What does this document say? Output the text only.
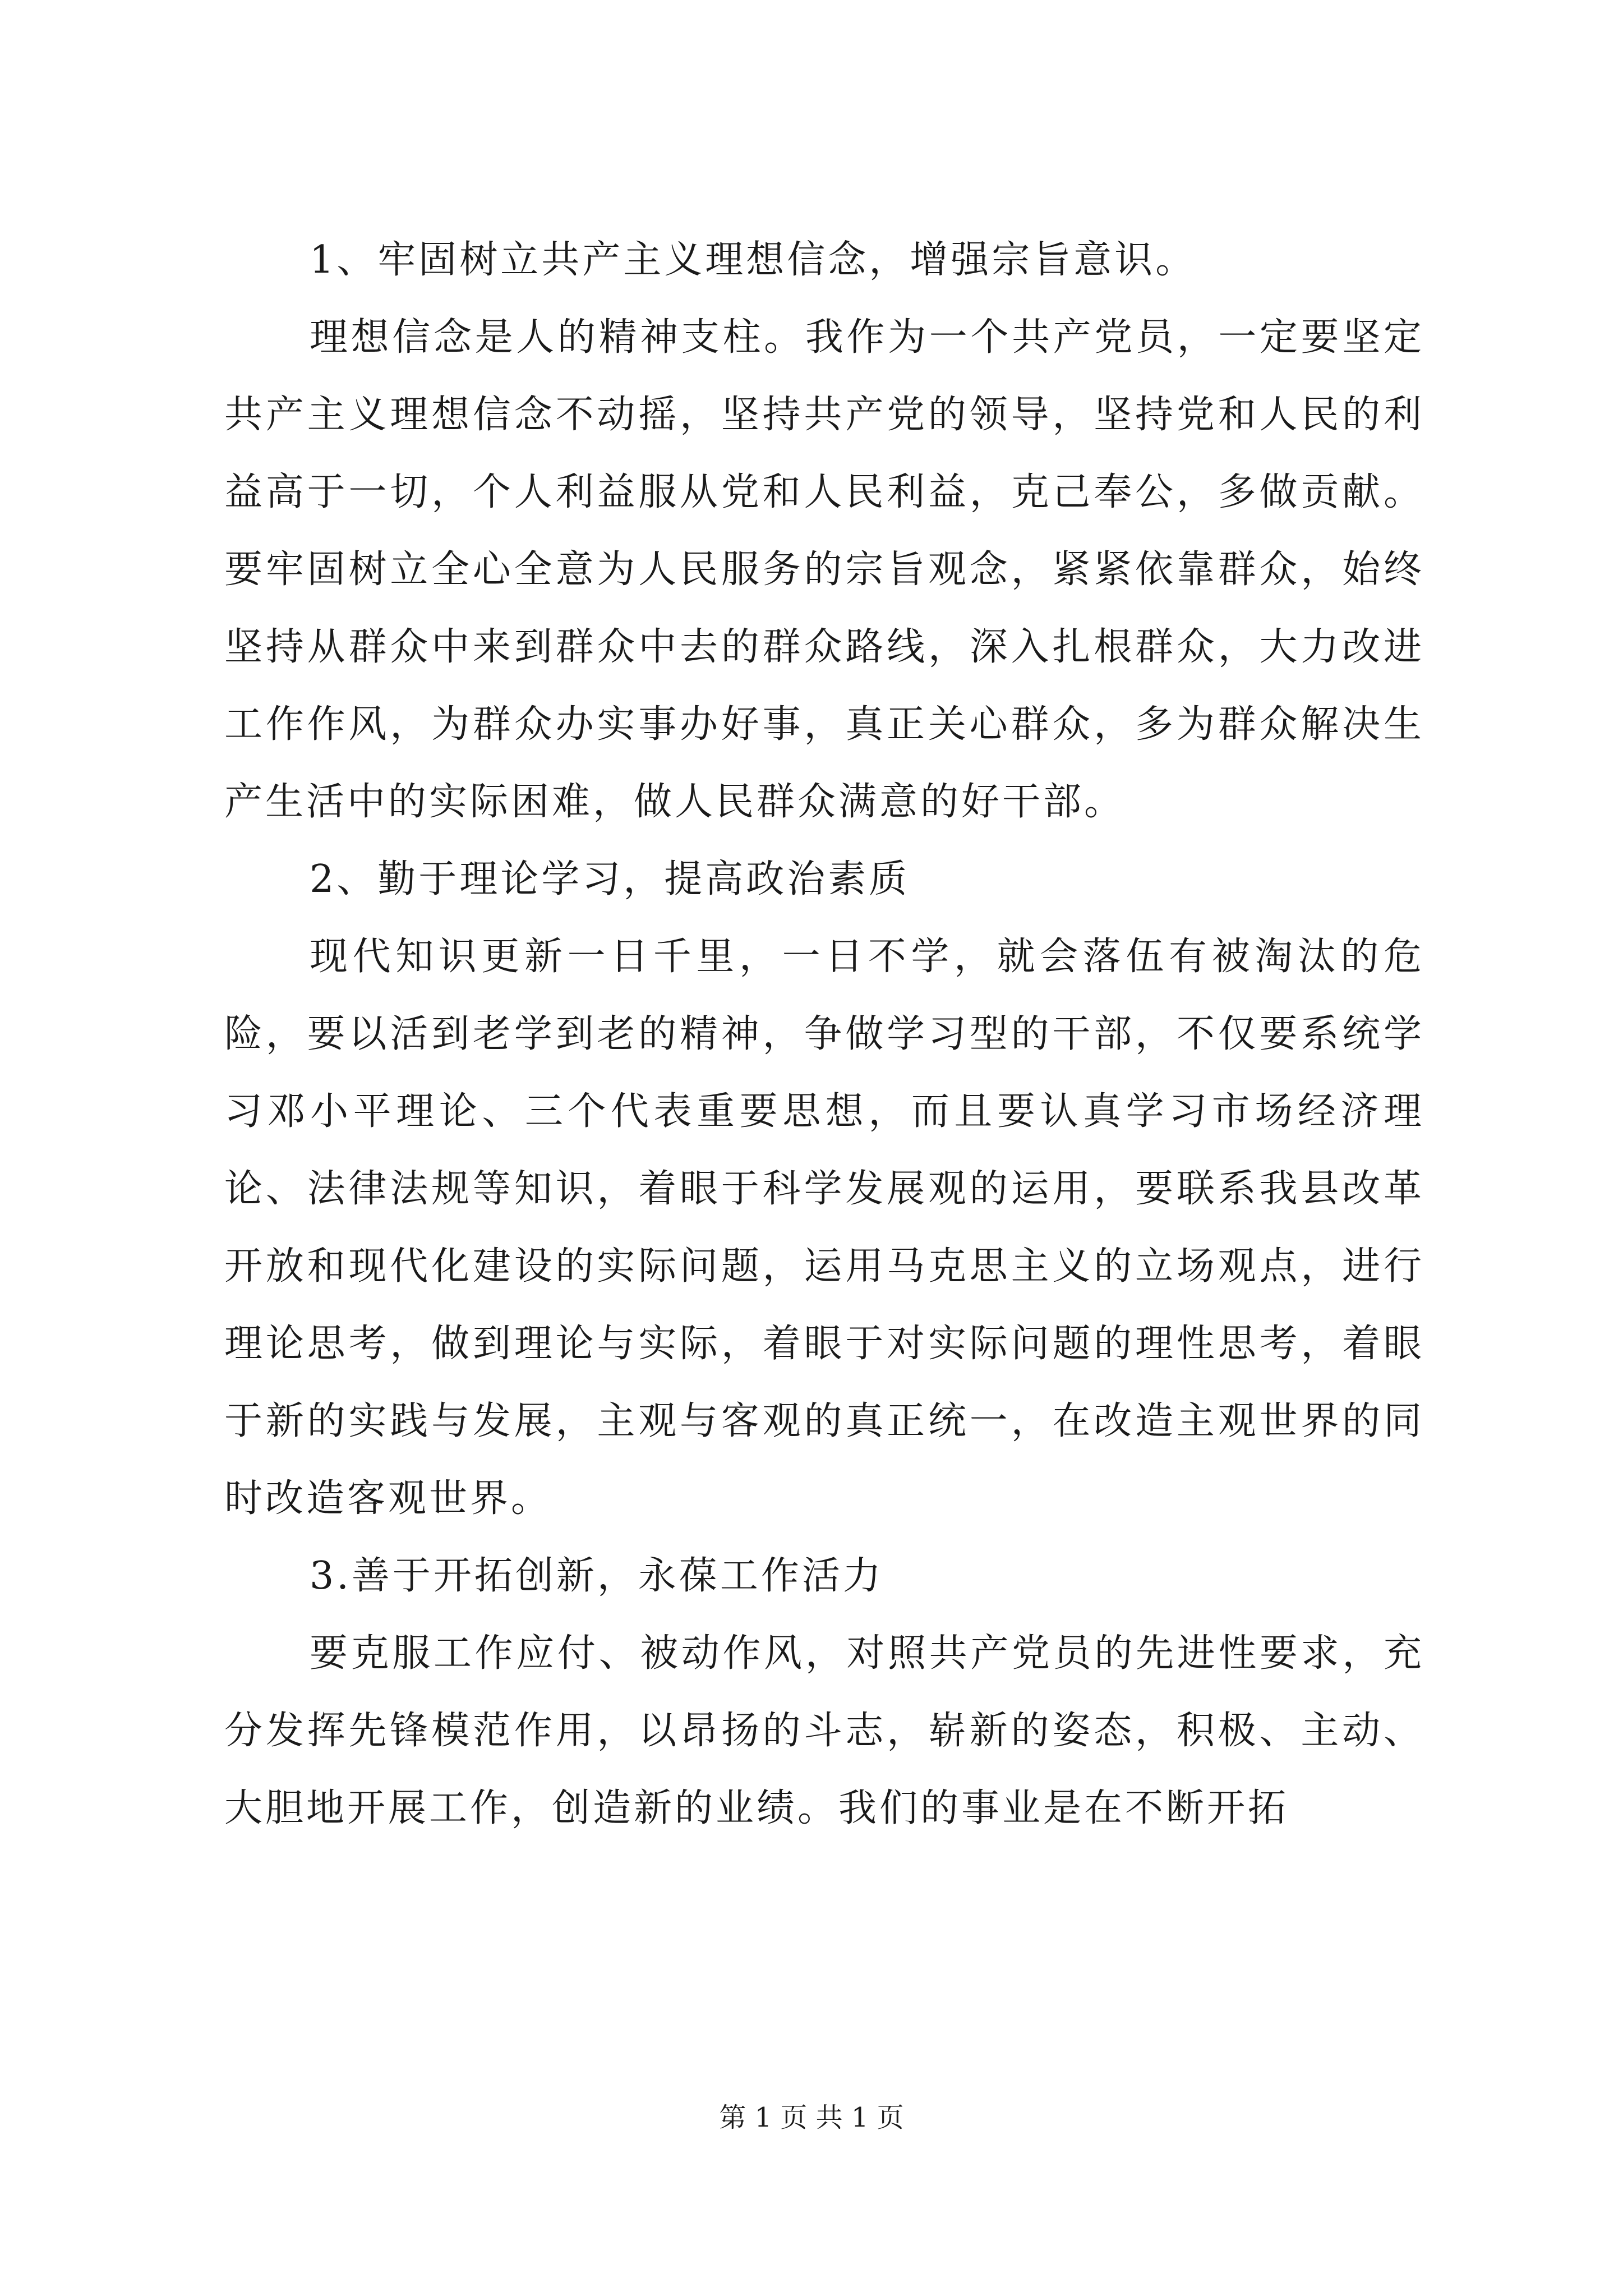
1、牢固树立共产主义理想信念，增强宗旨意识。

理想信念是人的精神支柱。我作为一个共产党员，一定要坚定共产主义理想信念不动摇，坚持共产党的领导，坚持党和人民的利益高于一切，个人利益服从党和人民利益，克己奉公，多做贡献。要牢固树立全心全意为人民服务的宗旨观念，紧紧依靠群众，始终坚持从群众中来到群众中去的群众路线，深入扎根群众，大力改进工作作风，为群众办实事办好事，真正关心群众，多为群众解决生产生活中的实际困难，做人民群众满意的好干部。

2、勤于理论学习，提高政治素质

现代知识更新一日千里，一日不学，就会落伍有被淘汰的危险，要以活到老学到老的精神，争做学习型的干部，不仅要系统学习邓小平理论、三个代表重要思想，而且要认真学习市场经济理论、法律法规等知识，着眼于科学发展观的运用，要联系我县改革开放和现代化建设的实际问题，运用马克思主义的立场观点，进行理论思考，做到理论与实际，着眼于对实际问题的理性思考，着眼于新的实践与发展，主观与客观的真正统一，在改造主观世界的同时改造客观世界。

3.善于开拓创新，永葆工作活力

要克服工作应付、被动作风，对照共产党员的先进性要求，充分发挥先锋模范作用，以昂扬的斗志，崭新的姿态，积极、主动、大胆地开展工作，创造新的业绩。我们的事业是在不断开拓

第 1 页 共 1 页
